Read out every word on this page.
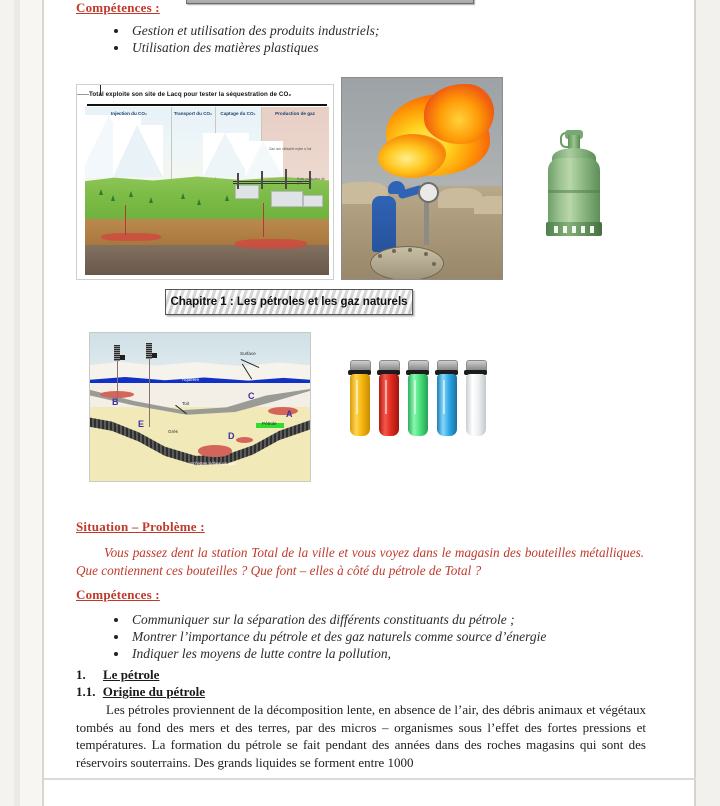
Compétences :
Gestion et utilisation des produits industriels;
Utilisation des matières plastiques
Total exploite son site de Lacq pour tester la séquestration de CO₂
Injection du CO₂	Transport du CO₂	Captage du CO₂	Production de gaz
Gaz non utilisable rejeté à l'air
Puits producteur de gaz
Chapitre 1 : Les pétroles et les gaz naturels
Surface
Aquifère
Toit
Grès
Pétrole
Schistes riches en gaz
A
B
C
D
E
Situation – Problème :
Vous passez dent la station Total de la ville et vous voyez dans le magasin des bouteilles métalliques. Que contiennent ces bouteilles ? Que font – elles à côté du pétrole de Total ?
Compétences :
Communiquer sur la séparation des différents constituants du pétrole ;
Montrer l’importance du pétrole et des gaz naturels comme source d’énergie
Indiquer les moyens de lutte contre la pollution,
1. Le pétrole
1.1. Origine du pétrole
Les pétroles proviennent de la décomposition lente, en absence de l’air, des débris animaux et végétaux tombés au fond des mers et des terres, par des micros – organismes sous l’effet des fortes pressions et températures. La formation du pétrole se fait pendant des années dans des roches magasins qui sont des réservoirs souterrains. Des grands liquides se forment entre 1000
